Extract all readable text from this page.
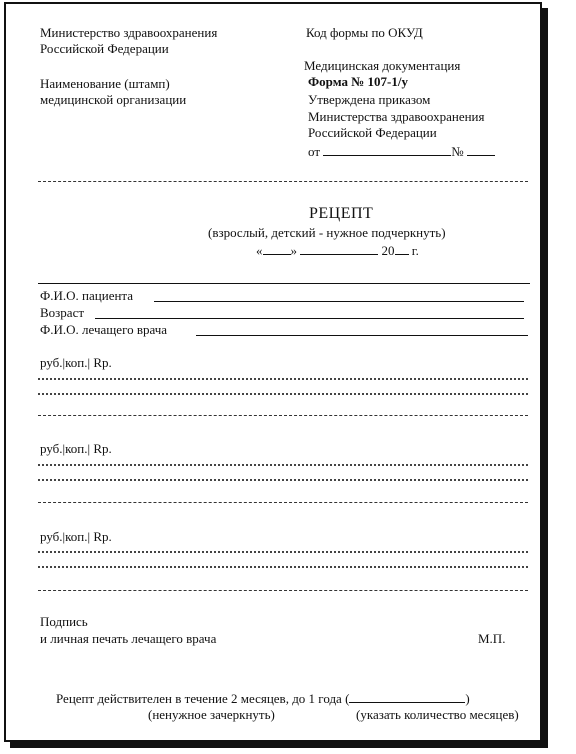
Министерство здравоохранения
Российской Федерации
Наименование (штамп)
медицинской организации
Код формы по ОКУД
Медицинская документация
Форма № 107-1/у
Утверждена приказом
Министерства здравоохранения
Российской Федерации
от	№
РЕЦЕПТ
(взрослый, детский - нужное подчеркнуть)
« »	20 г.
Ф.И.О. пациента
Возраст
Ф.И.О. лечащего врача
руб.|коп.| Rp.
руб.|коп.| Rp.
руб.|коп.| Rp.
Подпись
и личная печать лечащего врача	М.П.
Рецепт действителен в течение 2 месяцев, до 1 года (	)
(ненужное зачеркнуть)	(указать количество месяцев)
